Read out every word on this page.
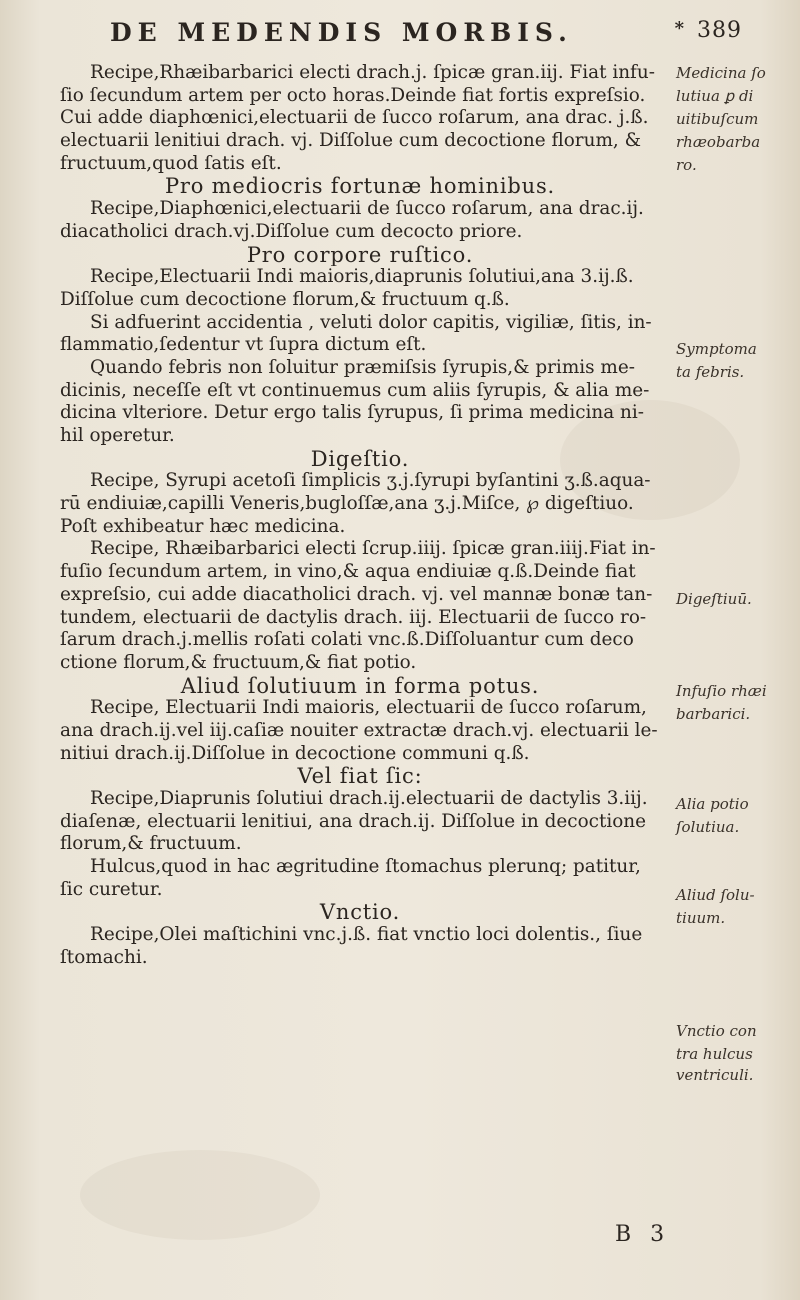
DE MEDENDIS MORBIS.	* 389
Recipe,Rhæibarbarici electi drach.j. ſpicæ gran.iij. Fiat infu-
ſio ſecundum artem per octo horas.Deinde fiat fortis expreſsio.
Cui adde diaphœnici,electuarii de ſucco roſarum, ana drac. j.ß.
electuarii lenitiui drach. vj. Diſſolue cum decoctione florum, &
fructuum,quod ſatis eſt.
Pro mediocris fortunæ hominibus.
Recipe,Diaphœnici,electuarii de ſucco roſarum, ana drac.ij.
diacatholici drach.vj.Diſſolue cum decocto priore.
Pro corpore ruſtico.
Recipe,Electuarii Indi maioris,diaprunis ſolutiui,ana 3.ij.ß.
Diſſolue cum decoctione florum,& fructuum q.ß.
Si adfuerint accidentia , veluti dolor capitis, vigiliæ, ſitis, in-
flammatio,ſedentur vt ſupra dictum eſt.
Quando febris non ſoluitur præmiſsis ſyrupis,& primis me-
dicinis, neceſſe eſt vt continuemus cum aliis ſyrupis, & alia me-
dicina vlteriore. Detur ergo talis ſyrupus, ſi prima medicina ni-
hil operetur.
Digeſtio.
Recipe, Syrupi acetoſi ſimplicis ʒ.j.ſyrupi byſantini ʒ.ß.aqua-
rū endiuiæ,capilli Veneris,bugloſſæ,ana ʒ.j.Miſce, ℘ digeſtiuo.
Poſt exhibeatur hæc medicina.
Recipe, Rhæibarbarici electi ſcrup.iiij. ſpicæ gran.iiij.Fiat in-
fuſio ſecundum artem, in vino,& aqua endiuiæ q.ß.Deinde fiat
expreſsio, cui adde diacatholici drach. vj. vel mannæ bonæ tan-
tundem, electuarii de dactylis drach. iij. Electuarii de ſucco ro-
ſarum drach.j.mellis roſati colati vnc.ß.Diſſoluantur cum deco
ctione florum,& fructuum,& fiat potio.
Aliud ſolutiuum in forma potus.
Recipe, Electuarii Indi maioris, electuarii de ſucco roſarum,
ana drach.ij.vel iij.caſiæ nouiter extractæ drach.vj. electuarii le-
nitiui drach.ij.Diſſolue in decoctione communi q.ß.
Vel fiat ſic:
Recipe,Diaprunis ſolutiui drach.ij.electuarii de dactylis 3.iij.
diaſenæ, electuarii lenitiui, ana drach.ij. Diſſolue in decoctione
florum,& fructuum.
Hulcus,quod in hac ægritudine ſtomachus plerunq; patitur,
ſic curetur.
Vnctio.
Recipe,Olei maſtichini vnc.j.ß. fiat vnctio loci dolentis., ſiue
ſtomachi.
Medicina ſo
lutiua ꝑ di
uitibuſcum
rhæobarba
ro.
Symptoma
ta febris.
Digeſtiuū.
Infuſio rhæi
barbarici.
Alia potio
ſolutiua.
Aliud ſolu-
tiuum.
Vnctio con
tra hulcus
ventriculi.
B 3
